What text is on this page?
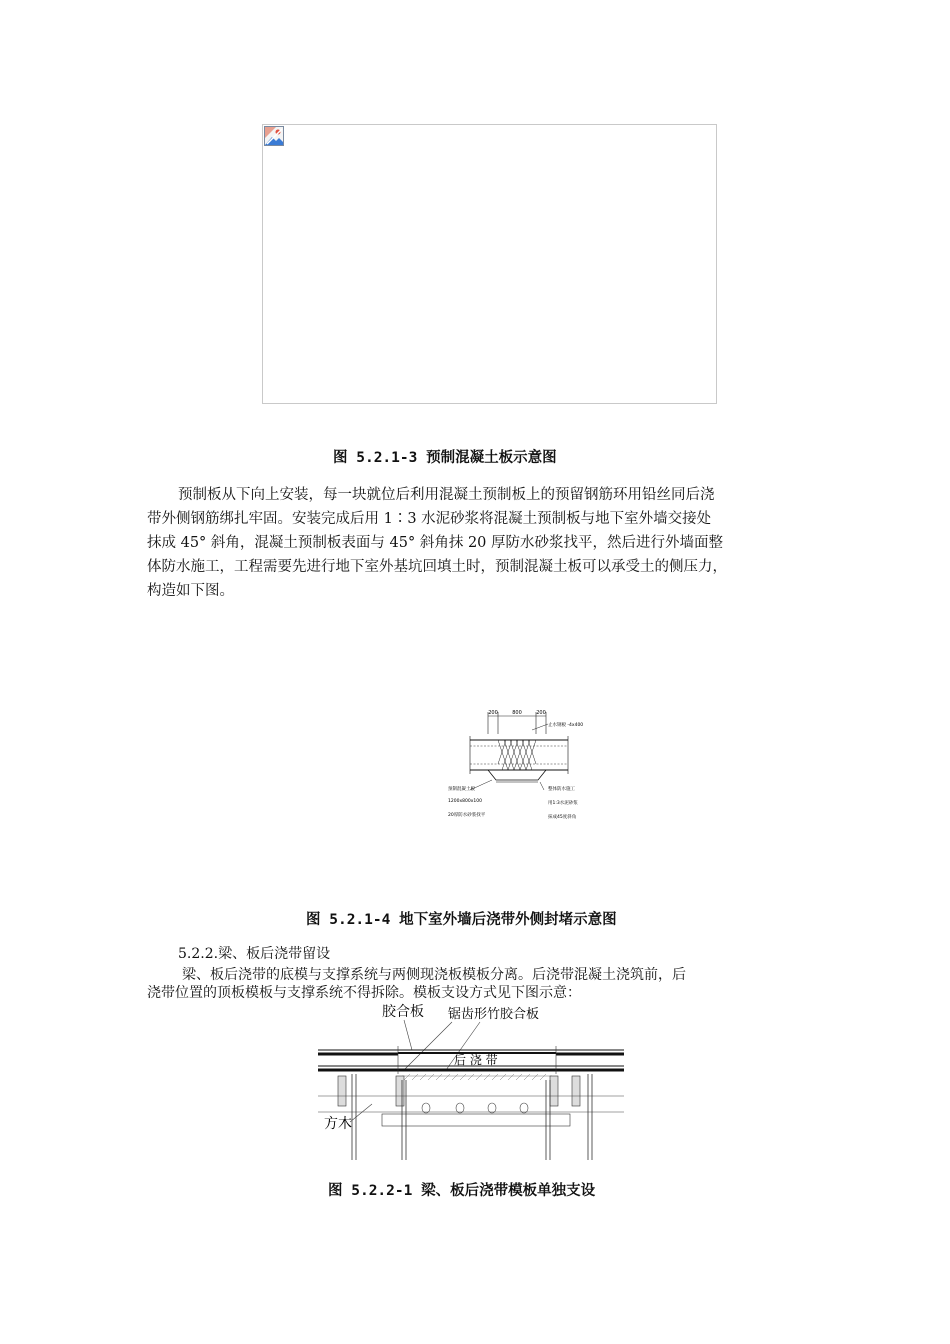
图 5.2.1-3 预制混凝土板示意图
预制板从下向上安装，每一块就位后利用混凝土预制板上的预留钢筋环用铅丝同后浇
带外侧钢筋绑扎牢固。安装完成后用 1∶3 水泥砂浆将混凝土预制板与地下室外墙交接处
抹成 45° 斜角，混凝土预制板表面与 45° 斜角抹 20 厚防水砂浆找平，然后进行外墙面整
体防水施工，工程需要先进行地下室外基坑回填土时，预制混凝土板可以承受土的侧压力，
构造如下图。
200	800	200
止水钢板 -4x400
预制混凝土板
1200x800x100
20厚防水砂浆找平
整体防水施工
用1:3水泥砂浆
抹成45度斜角
图 5.2.1-4 地下室外墙后浇带外侧封堵示意图
5.2.2.梁、板后浇带留设
梁、板后浇带的底模与支撑系统与两侧现浇板模板分离。后浇带混凝土浇筑前，后
浇带位置的顶板模板与支撑系统不得拆除。模板支设方式见下图示意：
胶合板 锯齿形竹胶合板
后 浇 带
方木
图 5.2.2-1 梁、板后浇带模板单独支设
